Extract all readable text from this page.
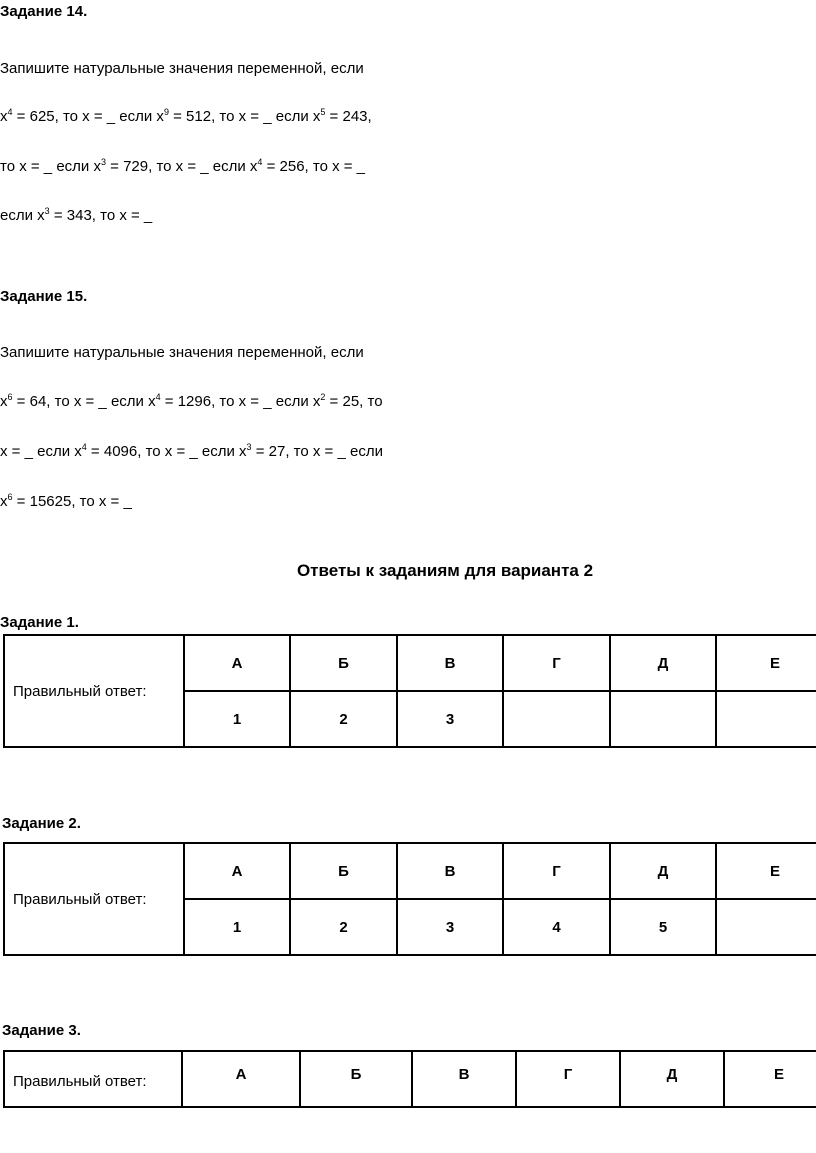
Задание 14.
Запишите натуральные значения переменной, если
$x^4 = 625$, то x = _ если $x^9 = 512$, то x = _ если $x^5 = 243$,
то x = _ если $x^3 = 729$, то x = _ если $x^4 = 256$, то x = _
если $x^3 = 343$, то x = _
Задание 15.
Запишите натуральные значения переменной, если
$x^6 = 64$, то x = _ если $x^4 = 1296$, то x = _ если $x^2 = 25$, то
x = _ если $x^4 = 4096$, то x = _ если $x^3 = 27$, то x = _ если
$x^6 = 15625$, то x = _
Ответы к заданиям для варианта 2
Задание 1.
Правильный ответ:	А	Б	В	Г	Д	Е
	1	2	3			
Задание 2.
Правильный ответ:	А	Б	В	Г	Д	Е
	1	2	3	4	5	
Задание 3.
Правильный ответ:	А	Б	В	Г	Д	Е
